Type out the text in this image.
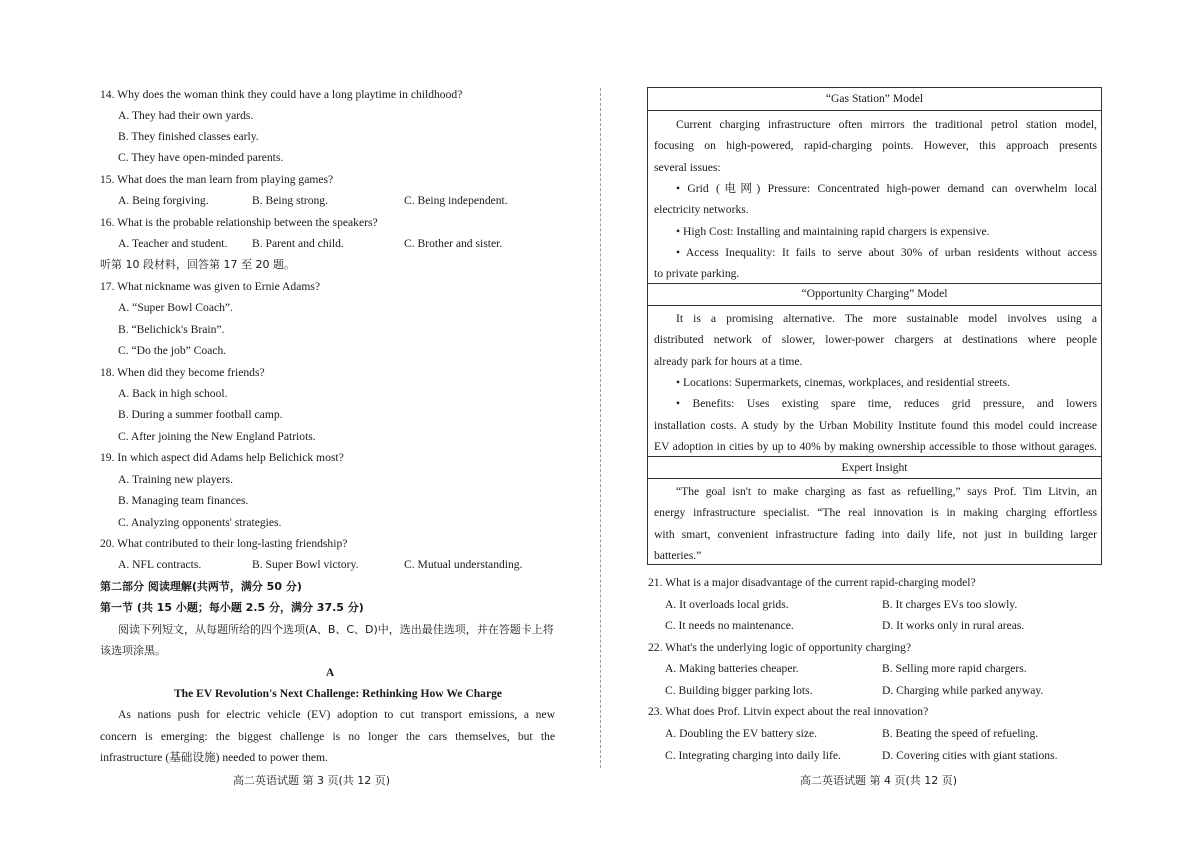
14. Why does the woman think they could have a long playtime in childhood?
A. They had their own yards.
B. They finished classes early.
C. They have open-minded parents.
15. What does the man learn from playing games?
A. Being forgiving.	B. Being strong.	C. Being independent.
16. What is the probable relationship between the speakers?
A. Teacher and student. B. Parent and child.	C. Brother and sister.
听第 10 段材料，回答第 17 至 20 题。
17. What nickname was given to Ernie Adams?
A. “Super Bowl Coach”.
B. “Belichick's Brain”.
C. “Do the job” Coach.
18. When did they become friends?
A. Back in high school.
B. During a summer football camp.
C. After joining the New England Patriots.
19. In which aspect did Adams help Belichick most?
A. Training new players.
B. Managing team finances.
C. Analyzing opponents' strategies.
20. What contributed to their long-lasting friendship?
A. NFL contracts.	B. Super Bowl victory.	C. Mutual understanding.
第二部分 阅读理解(共两节，满分 50 分)
第一节 (共 15 小题；每小题 2.5 分，满分 37.5 分)
阅读下列短文，从每题所给的四个选项(A、B、C、D)中，选出最佳选项，并在答题卡上将
该选项涂黑。
A
The EV Revolution's Next Challenge: Rethinking How We Charge
As nations push for electric vehicle (EV) adoption to cut transport emissions, a new
concern is emerging: the biggest challenge is no longer the cars themselves, but the
infrastructure (基础设施) needed to power them.
高二英语试题 第 3 页(共 12 页)
“Gas Station” Model
Current charging infrastructure often mirrors the traditional petrol station model,
focusing on high-powered, rapid-charging points. However, this approach presents
several issues:
• Grid (电网) Pressure: Concentrated high-power demand can overwhelm local
electricity networks.
• High Cost: Installing and maintaining rapid chargers is expensive.
• Access Inequality: It fails to serve about 30% of urban residents without access
to private parking.
“Opportunity Charging” Model
It is a promising alternative. The more sustainable model involves using a
distributed network of slower, lower-power chargers at destinations where people
already park for hours at a time.
• Locations: Supermarkets, cinemas, workplaces, and residential streets.
• Benefits: Uses existing spare time, reduces grid pressure, and lowers
installation costs. A study by the Urban Mobility Institute found this model could increase
EV adoption in cities by up to 40% by making ownership accessible to those without garages.
Expert Insight
“The goal isn't to make charging as fast as refuelling,” says Prof. Tim Litvin, an
energy infrastructure specialist. “The real innovation is in making charging effortless
with smart, convenient infrastructure fading into daily life, not just in building larger
batteries.”
21. What is a major disadvantage of the current rapid-charging model?
A. It overloads local grids.	B. It charges EVs too slowly.
C. It needs no maintenance.	D. It works only in rural areas.
22. What's the underlying logic of opportunity charging?
A. Making batteries cheaper.	B. Selling more rapid chargers.
C. Building bigger parking lots.	D. Charging while parked anyway.
23. What does Prof. Litvin expect about the real innovation?
A. Doubling the EV battery size.	B. Beating the speed of refueling.
C. Integrating charging into daily life.	D. Covering cities with giant stations.
高二英语试题 第 4 页(共 12 页)
